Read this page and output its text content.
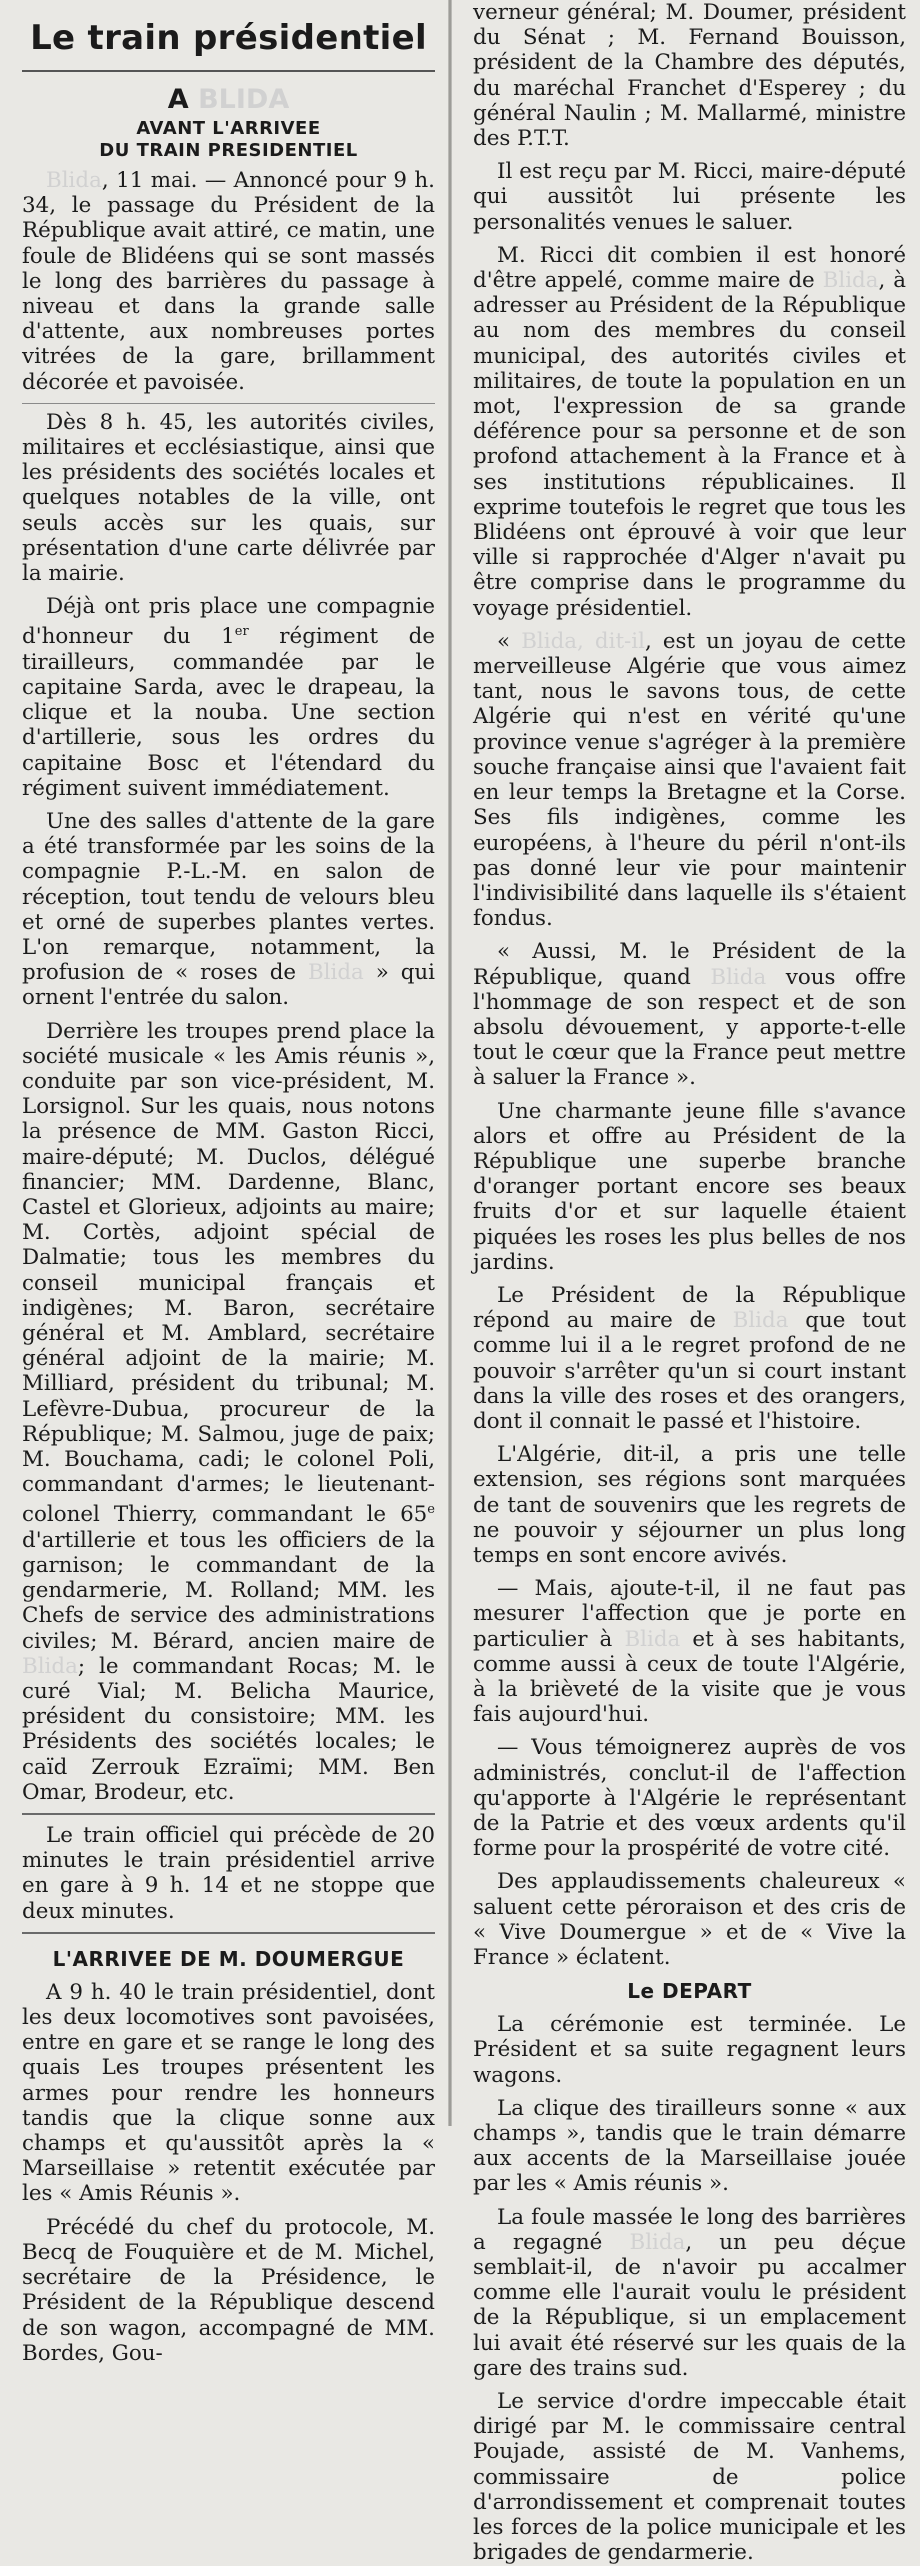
Le train présidentiel
A BLIDA
AVANT L'ARRIVEE
DU TRAIN PRESIDENTIEL

Blida, 11 mai. — Annoncé pour 9 h. 34, le passage du Président de la République avait attiré, ce matin, une foule de Blidéens qui se sont massés le long des barrières du passage à niveau et dans la grande salle d'attente, aux nombreuses portes vitrées de la gare, brillamment décorée et pavoisée.

Dès 8 h. 45, les autorités civiles, militaires et ecclésiastique, ainsi que les présidents des sociétés locales et quelques notables de la ville, ont seuls accès sur les quais, sur présentation d'une carte délivrée par la mairie.

Déjà ont pris place une compagnie d'honneur du 1er régiment de tirailleurs, commandée par le capitaine Sarda, avec le drapeau, la clique et la nouba. Une section d'artillerie, sous les ordres du capitaine Bosc et l'étendard du régiment suivent immédiatement.

Une des salles d'attente de la gare a été transformée par les soins de la compagnie P.-L.-M. en salon de réception, tout tendu de velours bleu et orné de superbes plantes vertes. L'on remarque, notamment, la profusion de « roses de Blida » qui ornent l'entrée du salon.

Derrière les troupes prend place la société musicale « les Amis réunis », conduite par son vice-président, M. Lorsignol. Sur les quais, nous notons la présence de MM. Gaston Ricci, maire-député; M. Duclos, délégué financier; MM. Dardenne, Blanc, Castel et Glorieux, adjoints au maire; M. Cortès, adjoint spécial de Dalmatie; tous les membres du conseil municipal français et indigènes; M. Baron, secrétaire général et M. Amblard, secrétaire général adjoint de la mairie; M. Milliard, président du tribunal; M. Lefèvre-Dubua, procureur de la République; M. Salmou, juge de paix; M. Bouchama, cadi; le colonel Poli, commandant d'armes; le lieutenant-colonel Thierry, commandant le 65e d'artillerie et tous les officiers de la garnison; le commandant de la gendarmerie, M. Rolland; MM. les Chefs de service des administrations civiles; M. Bérard, ancien maire de Blida; le commandant Rocas; M. le curé Vial; M. Belicha Maurice, président du consistoire; MM. les Présidents des sociétés locales; le caïd Zerrouk Ezraïmi; MM. Ben Omar, Brodeur, etc.

Le train officiel qui précède de 20 minutes le train présidentiel arrive en gare à 9 h. 14 et ne stoppe que deux minutes.

L'ARRIVEE DE M. DOUMERGUE

A 9 h. 40 le train présidentiel, dont les deux locomotives sont pavoisées, entre en gare et se range le long des quais Les troupes présentent les armes pour rendre les honneurs tandis que la clique sonne aux champs et qu'aussitôt après la « Marseillaise » retentit exécutée par les « Amis Réunis ».

Précédé du chef du protocole, M. Becq de Fouquière et de M. Michel, secrétaire de la Présidence, le Président de la République descend de son wagon, accompagné de MM. Bordes, Gou-

verneur général; M. Doumer, président du Sénat ; M. Fernand Bouisson, président de la Chambre des députés, du maréchal Franchet d'Esperey ; du général Naulin ; M. Mallarmé, ministre des P.T.T.

Il est reçu par M. Ricci, maire-député qui aussitôt lui présente les personalités venues le saluer.

M. Ricci dit combien il est honoré d'être appelé, comme maire de Blida, à adresser au Président de la République au nom des membres du conseil municipal, des autorités civiles et militaires, de toute la population en un mot, l'expression de sa grande déférence pour sa personne et de son profond attachement à la France et à ses institutions républicaines. Il exprime toutefois le regret que tous les Blidéens ont éprouvé à voir que leur ville si rapprochée d'Alger n'avait pu être comprise dans le programme du voyage présidentiel.

« Blida, dit-il, est un joyau de cette merveilleuse Algérie que vous aimez tant, nous le savons tous, de cette Algérie qui n'est en vérité qu'une province venue s'agréger à la première souche française ainsi que l'avaient fait en leur temps la Bretagne et la Corse. Ses fils indigènes, comme les européens, à l'heure du péril n'ont-ils pas donné leur vie pour maintenir l'indivisibilité dans laquelle ils s'étaient fondus.

« Aussi, M. le Président de la République, quand Blida vous offre l'hommage de son respect et de son absolu dévouement, y apporte-t-elle tout le cœur que la France peut mettre à saluer la France ».

Une charmante jeune fille s'avance alors et offre au Président de la République une superbe branche d'oranger portant encore ses beaux fruits d'or et sur laquelle étaient piquées les roses les plus belles de nos jardins.

Le Président de la République répond au maire de Blida que tout comme lui il a le regret profond de ne pouvoir s'arrêter qu'un si court instant dans la ville des roses et des orangers, dont il connait le passé et l'histoire.

L'Algérie, dit-il, a pris une telle extension, ses régions sont marquées de tant de souvenirs que les regrets de ne pouvoir y séjourner un plus long temps en sont encore avivés.

— Mais, ajoute-t-il, il ne faut pas mesurer l'affection que je porte en particulier à Blida et à ses habitants, comme aussi à ceux de toute l'Algérie, à la brièveté de la visite que je vous fais aujourd'hui.

— Vous témoignerez auprès de vos administrés, conclut-il de l'affection qu'apporte à l'Algérie le représentant de la Patrie et des vœux ardents qu'il forme pour la prospérité de votre cité.

Des applaudissements chaleureux « saluent cette péroraison et des cris de « Vive Doumergue » et de « Vive la France » éclatent.

Le DEPART

La cérémonie est terminée. Le Président et sa suite regagnent leurs wagons.

La clique des tirailleurs sonne « aux champs », tandis que le train démarre aux accents de la Marseillaise jouée par les « Amis réunis ».

La foule massée le long des barrières a regagné Blida, un peu déçue semblait-il, de n'avoir pu accalmer comme elle l'aurait voulu le président de la République, si un emplacement lui avait été réservé sur les quais de la gare des trains sud.

Le service d'ordre impeccable était dirigé par M. le commissaire central Poujade, assisté de M. Vanhems, commissaire de police d'arrondissement et comprenait toutes les forces de la police municipale et les brigades de gendarmerie.
